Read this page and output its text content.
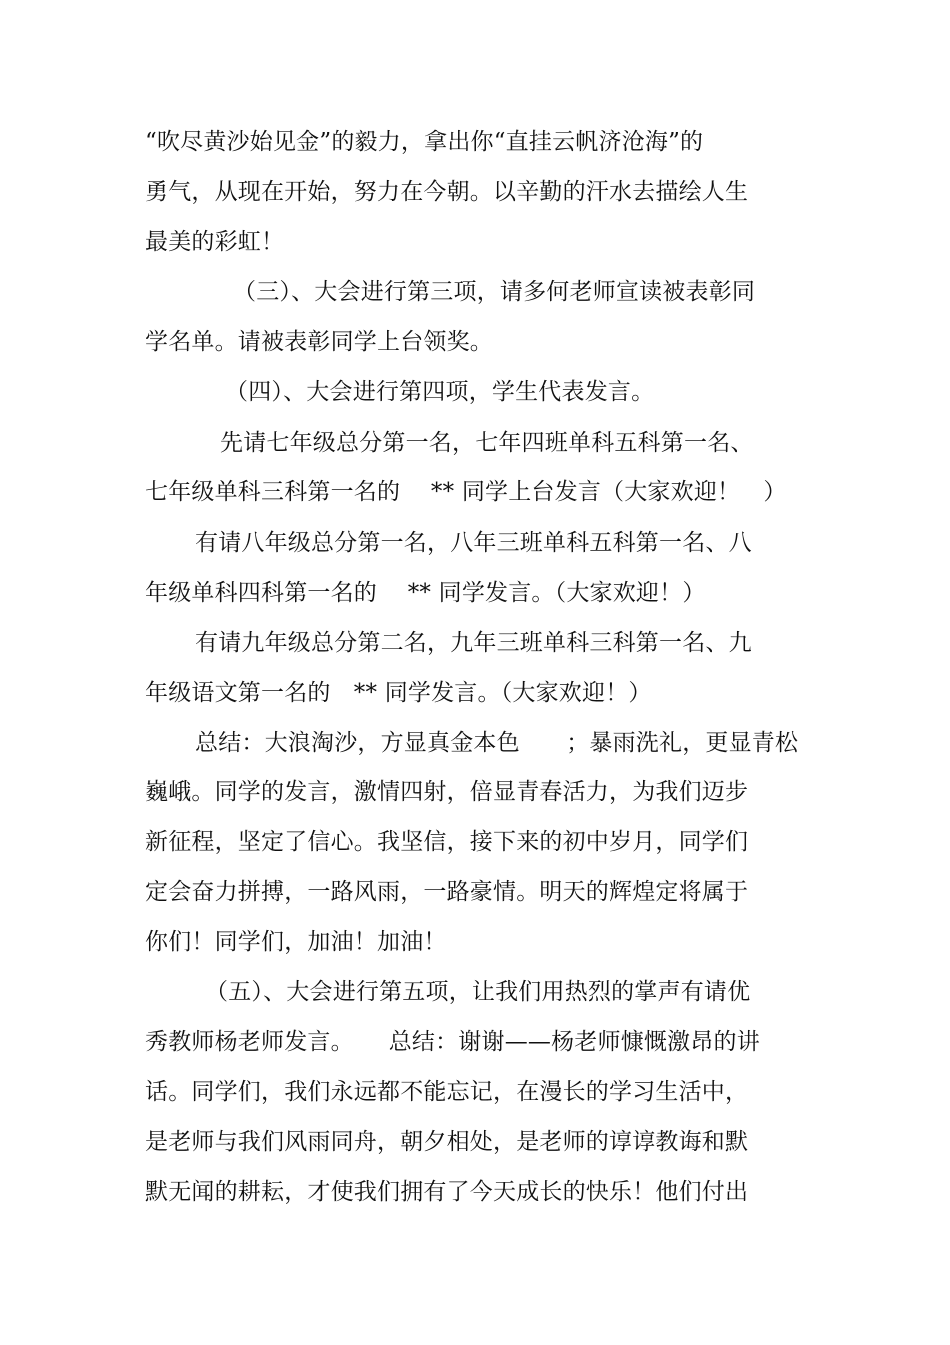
“吹尽黄沙始见金”的毅力，拿出你“直挂云帆济沧海”的
勇气，从现在开始，努力在今朝。以辛勤的汗水去描绘人生
最美的彩虹！
（三）、大会进行第三项，请多何老师宣读被表彰同
学名单。请被表彰同学上台领奖。
（四）、大会进行第四项，学生代表发言。
先请七年级总分第一名，七年四班单科五科第一名、
七年级单科三科第一名的　 ** 同学上台发言（大家欢迎！　）
有请八年级总分第一名，八年三班单科五科第一名、八
年级单科四科第一名的　 ** 同学发言。（大家欢迎！）
有请九年级总分第二名，九年三班单科三科第一名、九
年级语文第一名的　** 同学发言。（大家欢迎！）
总结：大浪淘沙，方显真金本色　　；暴雨洗礼，更显青松
巍峨。同学的发言，激情四射，倍显青春活力，为我们迈步
新征程，坚定了信心。我坚信，接下来的初中岁月，同学们
定会奋力拼搏，一路风雨，一路豪情。明天的辉煌定将属于
你们！同学们，加油！加油！
（五）、大会进行第五项，让我们用热烈的掌声有请优
秀教师杨老师发言。　　总结：谢谢——杨老师慷慨激昂的讲
话。同学们，我们永远都不能忘记，在漫长的学习生活中，
是老师与我们风雨同舟，朝夕相处，是老师的谆谆教诲和默
默无闻的耕耘，才使我们拥有了今天成长的快乐！他们付出
